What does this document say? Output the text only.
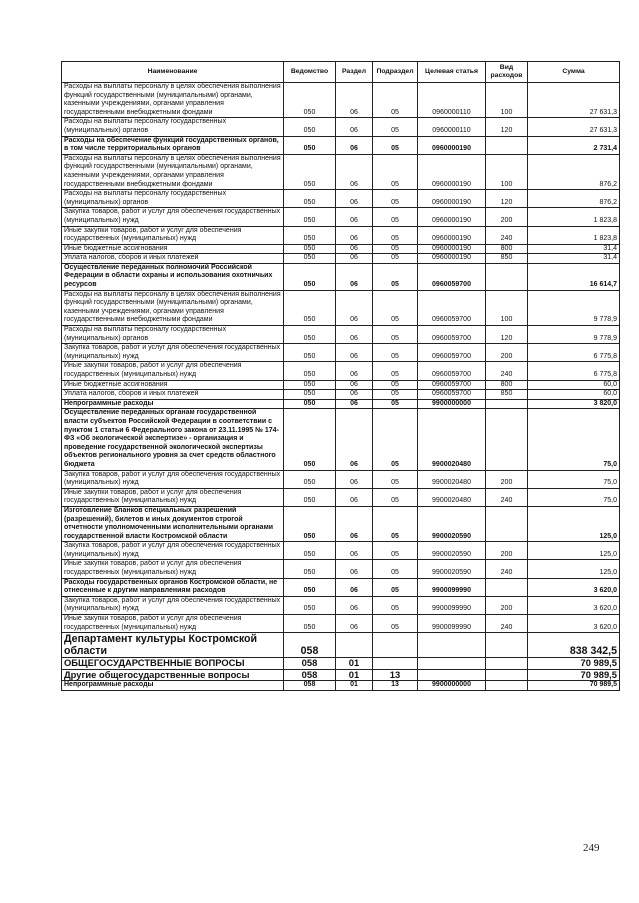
Наименование	Ведомство	Раздел	Подраздел	Целевая статья	Вид расходов	Сумма
Расходы на выплаты персоналу в целях обеспечения выполнения функций государственными (муниципальными) органами, казенными учреждениями, органами управления государственными внебюджетными фондами	050	06	05	0960000110	100	27 631,3
Расходы на выплаты персоналу государственных (муниципальных) органов	050	06	05	0960000110	120	27 631,3
Расходы на обеспечение функций государственных органов, в том числе территориальных органов	050	06	05	0960000190		2 731,4
Расходы на выплаты персоналу в целях обеспечения выполнения функций государственными (муниципальными) органами, казенными учреждениями, органами управления государственными внебюджетными фондами	050	06	05	0960000190	100	876,2
Расходы на выплаты персоналу государственных (муниципальных) органов	050	06	05	0960000190	120	876,2
Закупка товаров, работ и услуг для обеспечения государственных (муниципальных) нужд	050	06	05	0960000190	200	1 823,8
Иные закупки товаров, работ и услуг для обеспечения государственных (муниципальных) нужд	050	06	05	0960000190	240	1 823,8
Иные бюджетные ассигнования	050	06	05	0960000190	800	31,4
Уплата налогов, сборов и иных платежей	050	06	05	0960000190	850	31,4
Осуществление переданных полномочий Российской Федерации в области охраны и использования охотничьих ресурсов	050	06	05	0960059700		16 614,7
Расходы на выплаты персоналу в целях обеспечения выполнения функций государственными (муниципальными) органами, казенными учреждениями, органами управления государственными внебюджетными фондами	050	06	05	0960059700	100	9 778,9
Расходы на выплаты персоналу государственных (муниципальных) органов	050	06	05	0960059700	120	9 778,9
Закупка товаров, работ и услуг для обеспечения государственных (муниципальных) нужд	050	06	05	0960059700	200	6 775,8
Иные закупки товаров, работ и услуг для обеспечения государственных (муниципальных) нужд	050	06	05	0960059700	240	6 775,8
Иные бюджетные ассигнования	050	06	05	0960059700	800	60,0
Уплата налогов, сборов и иных платежей	050	06	05	0960059700	850	60,0
Непрограммные расходы	050	06	05	9900000000		3 820,0
Осуществление переданных органам государственной власти субъектов Российской Федерации в соответствии с пунктом 1 статьи 6 Федерального закона от 23.11.1995 № 174-ФЗ «Об экологической экспертизе» - организация и проведение государственной экологической экспертизы объектов регионального уровня за счет средств областного бюджета	050	06	05	9900020480		75,0
Закупка товаров, работ и услуг для обеспечения государственных (муниципальных) нужд	050	06	05	9900020480	200	75,0
Иные закупки товаров, работ и услуг для обеспечения государственных (муниципальных) нужд	050	06	05	9900020480	240	75,0
Изготовление бланков специальных разрешений (разрешений), билетов и иных документов строгой отчетности уполномоченными исполнительными органами государственной власти Костромской области	050	06	05	9900020590		125,0
Закупка товаров, работ и услуг для обеспечения государственных (муниципальных) нужд	050	06	05	9900020590	200	125,0
Иные закупки товаров, работ и услуг для обеспечения государственных (муниципальных) нужд	050	06	05	9900020590	240	125,0
Расходы государственных органов Костромской области, не отнесенные к другим направлениям расходов	050	06	05	9900099990		3 620,0
Закупка товаров, работ и услуг для обеспечения государственных (муниципальных) нужд	050	06	05	9900099990	200	3 620,0
Иные закупки товаров, работ и услуг для обеспечения государственных (муниципальных) нужд	050	06	05	9900099990	240	3 620,0
Департамент культуры Костромской области	058					838 342,5
ОБЩЕГОСУДАРСТВЕННЫЕ ВОПРОСЫ	058	01				70 989,5
Другие общегосударственные вопросы	058	01	13			70 989,5
Непрограммные расходы	058	01	13	9900000000		70 989,5
249
